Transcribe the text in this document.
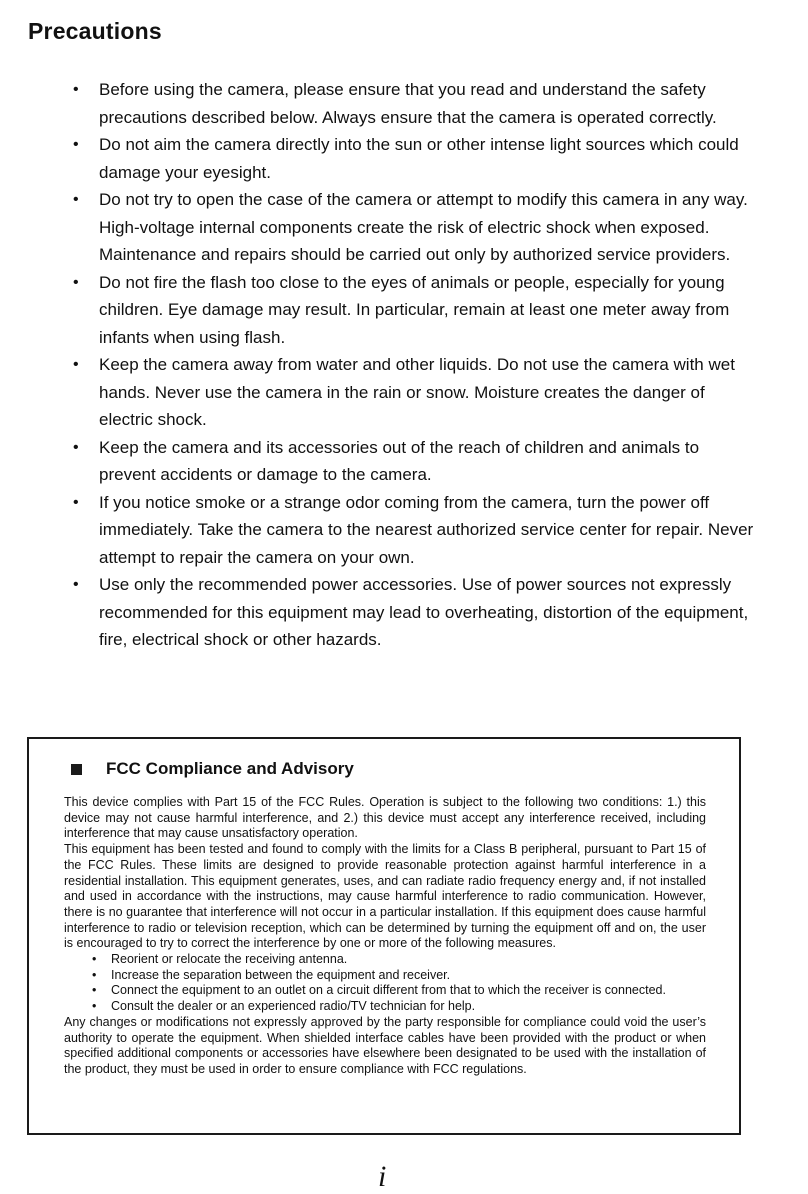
Precautions
• Before using the camera, please ensure that you read and understand the safety precautions described below. Always ensure that the camera is operated correctly.
• Do not aim the camera directly into the sun or other intense light sources which could damage your eyesight.
• Do not try to open the case of the camera or attempt to modify this camera in any way. High-voltage internal components create the risk of electric shock when exposed. Maintenance and repairs should be carried out only by authorized service providers.
• Do not fire the flash too close to the eyes of animals or people, especially for young children. Eye damage may result. In particular, remain at least one meter away from infants when using flash.
• Keep the camera away from water and other liquids. Do not use the camera with wet hands. Never use the camera in the rain or snow. Moisture creates the danger of electric shock.
• Keep the camera and its accessories out of the reach of children and animals to prevent accidents or damage to the camera.
• If you notice smoke or a strange odor coming from the camera, turn the power off immediately. Take the camera to the nearest authorized service center for repair. Never attempt to repair the camera on your own.
• Use only the recommended power accessories. Use of power sources not expressly recommended for this equipment may lead to overheating, distortion of the equipment, fire, electrical shock or other hazards.
FCC Compliance and Advisory

This device complies with Part 15 of the FCC Rules. Operation is subject to the following two conditions: 1.) this device may not cause harmful interference, and 2.) this device must accept any interference received, including interference that may cause unsatisfactory operation.

This equipment has been tested and found to comply with the limits for a Class B peripheral, pursuant to Part 15 of the FCC Rules. These limits are designed to provide reasonable protection against harmful interference in a residential installation. This equipment generates, uses, and can radiate radio frequency energy and, if not installed and used in accordance with the instructions, may cause harmful interference to radio communication. However, there is no guarantee that interference will not occur in a particular installation. If this equipment does cause harmful interference to radio or television reception, which can be determined by turning the equipment off and on, the user is encouraged to try to correct the interference by one or more of the following measures.

• Reorient or relocate the receiving antenna.
• Increase the separation between the equipment and receiver.
• Connect the equipment to an outlet on a circuit different from that to which the receiver is connected.
• Consult the dealer or an experienced radio/TV technician for help.

Any changes or modifications not expressly approved by the party responsible for compliance could void the user’s authority to operate the equipment. When shielded interface cables have been provided with the product or when specified additional components or accessories have elsewhere been designated to be used with the installation of the product, they must be used in order to ensure compliance with FCC regulations.

i
